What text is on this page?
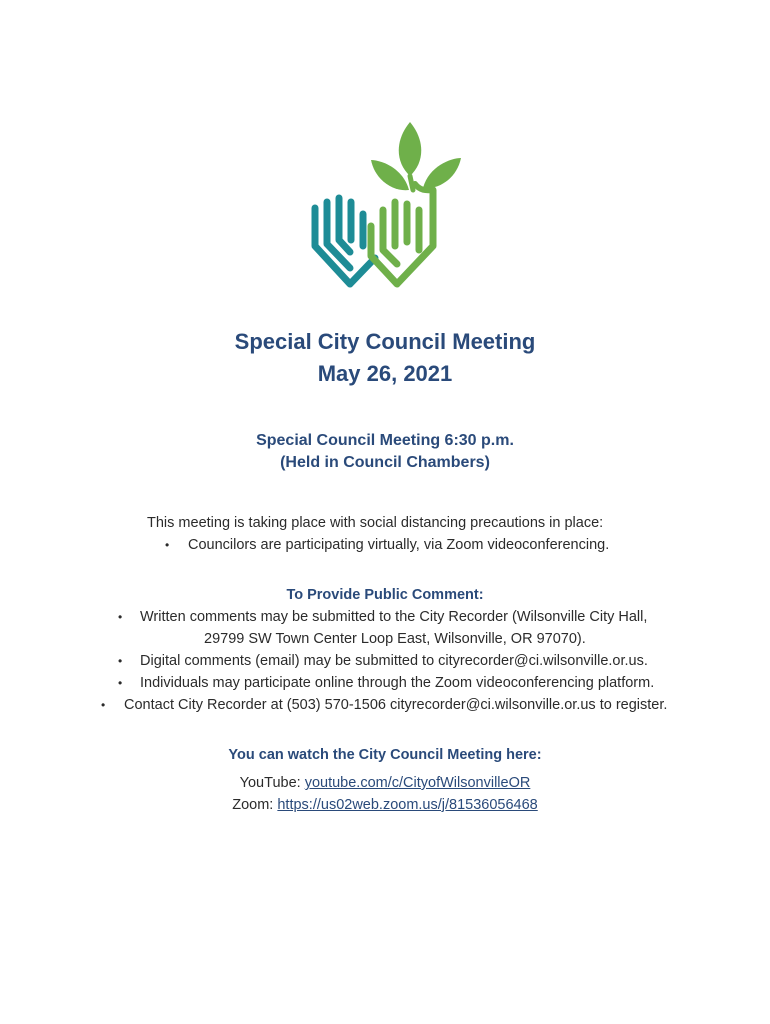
Special City Council Meeting

May 26, 2021

Special Council Meeting 6:30 p.m.

(Held in Council Chambers)

This meeting is taking place with social distancing precautions in place:
• Councilors are participating virtually, via Zoom videoconferencing.
To Provide Public Comment:
• Written comments may be submitted to the City Recorder (Wilsonville City Hall,
29799 SW Town Center Loop East, Wilsonville, OR 97070).
• Digital comments (email) may be submitted to cityrecorder@ci.wilsonville.or.us.
• Individuals may participate online through the Zoom videoconferencing platform.
• Contact City Recorder at (503) 570-1506 cityrecorder@ci.wilsonville.or.us to register.
You can watch the City Council Meeting here:
YouTube: youtube.com/c/CityofWilsonvilleOR
Zoom: https://us02web.zoom.us/j/81536056468
